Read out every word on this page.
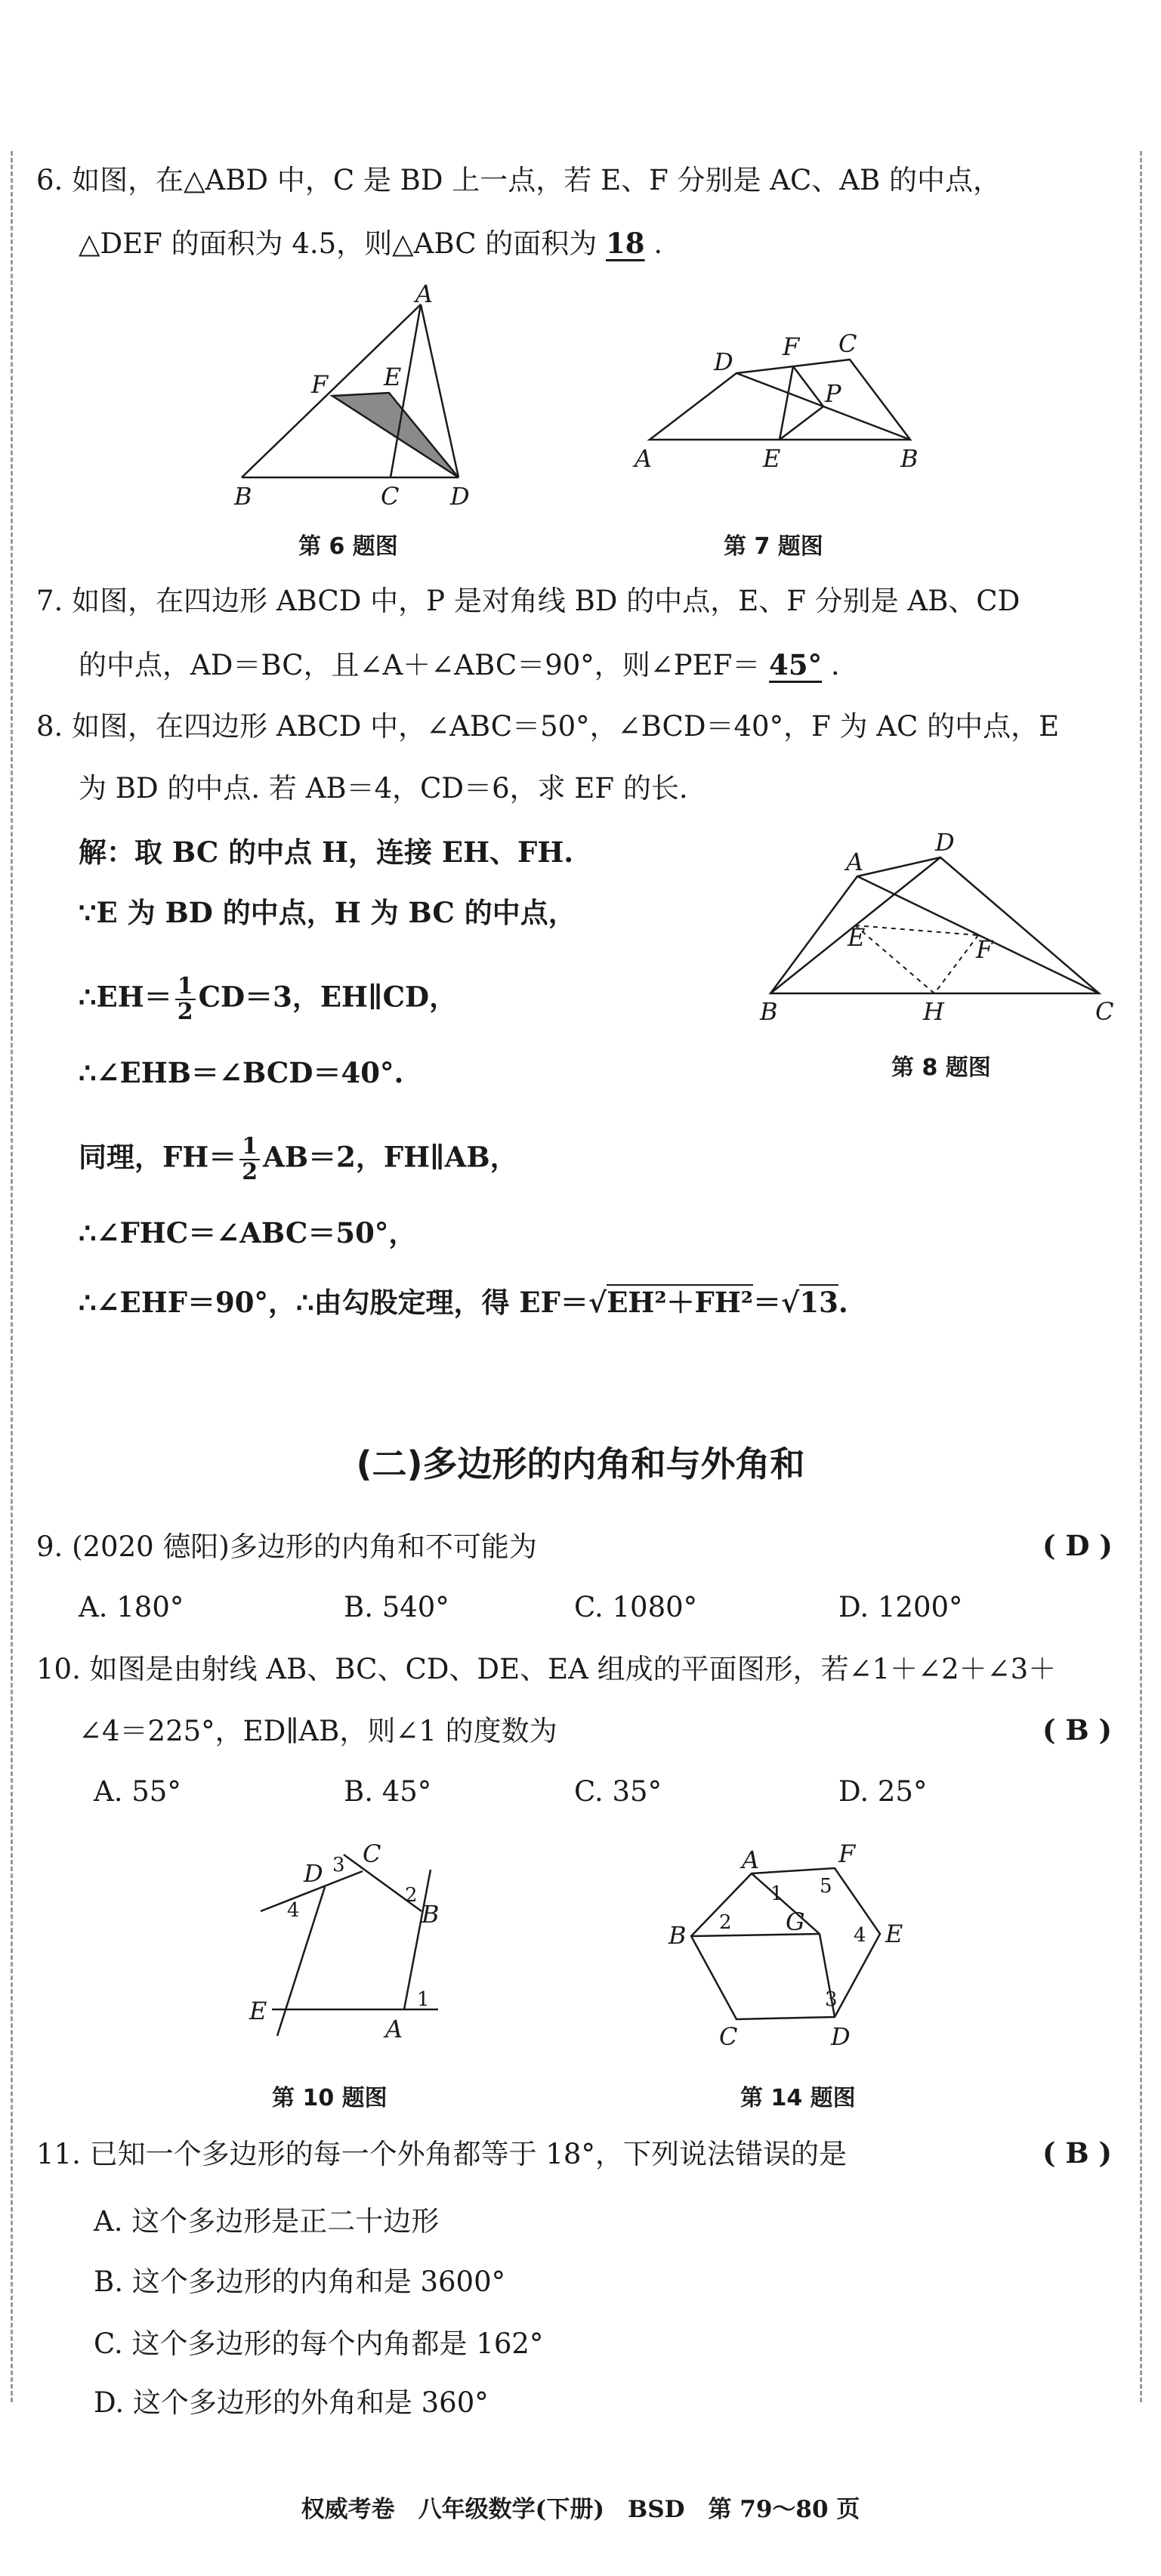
6. 如图，在△ABD 中，C 是 BD 上一点，若 E、F 分别是 AC、AB 的中点，
△DEF 的面积为 4.5，则△ABC 的面积为 18 .
A
B	C D
E
F
第 6 题图
A	B
C
D
E
F
P
第 7 题图
7. 如图，在四边形 ABCD 中，P 是对角线 BD 的中点，E、F 分别是 AB、CD
的中点，AD＝BC，且∠A＋∠ABC＝90°，则∠PEF＝ 45° .
8. 如图，在四边形 ABCD 中，∠ABC＝50°，∠BCD＝40°，F 为 AC 的中点，E
为 BD 的中点. 若 AB＝4，CD＝6，求 EF 的长.
解：取 BC 的中点 H，连接 EH、FH.
∵E 为 BD 的中点，H 为 BC 的中点，
∴EH＝ $\frac{1}{2} CD=3$，EH∥CD，
∴∠EHB＝∠BCD＝40°.
同理，$FH= \frac{1}{2} AB=2$，FH∥AB，
∴∠FHC＝∠ABC＝50°，
∴∠EHF＝90°，∴由勾股定理，得 EF＝√EH²＋FH²＝√13.
A
B	C
D
E	F
H
第 8 题图
(二)多边形的内角和与外角和
9. (2020 德阳)多边形的内角和不可能为	( D )
A. 180°	B. 540°	C. 1080°	D. 1200°
10. 如图是由射线 AB、BC、CD、DE、EA 组成的平面图形，若∠1＋∠2＋∠3＋
∠4＝225°，ED∥AB，则∠1 的度数为	( B )
A. 55°	B. 45°	C. 35°	D. 25°
A
B
C
D
E	1
2
3
4
第 10 题图
A
B
C	D
E
F
G
1
2
3
4
5
第 14 题图
11. 已知一个多边形的每一个外角都等于 18°，下列说法错误的是	( B )
A. 这个多边形是正二十边形
B. 这个多边形的内角和是 3600°
C. 这个多边形的每个内角都是 162°
D. 这个多边形的外角和是 360°
权威考卷　八年级数学(下册)　BSD　第 79～80 页
